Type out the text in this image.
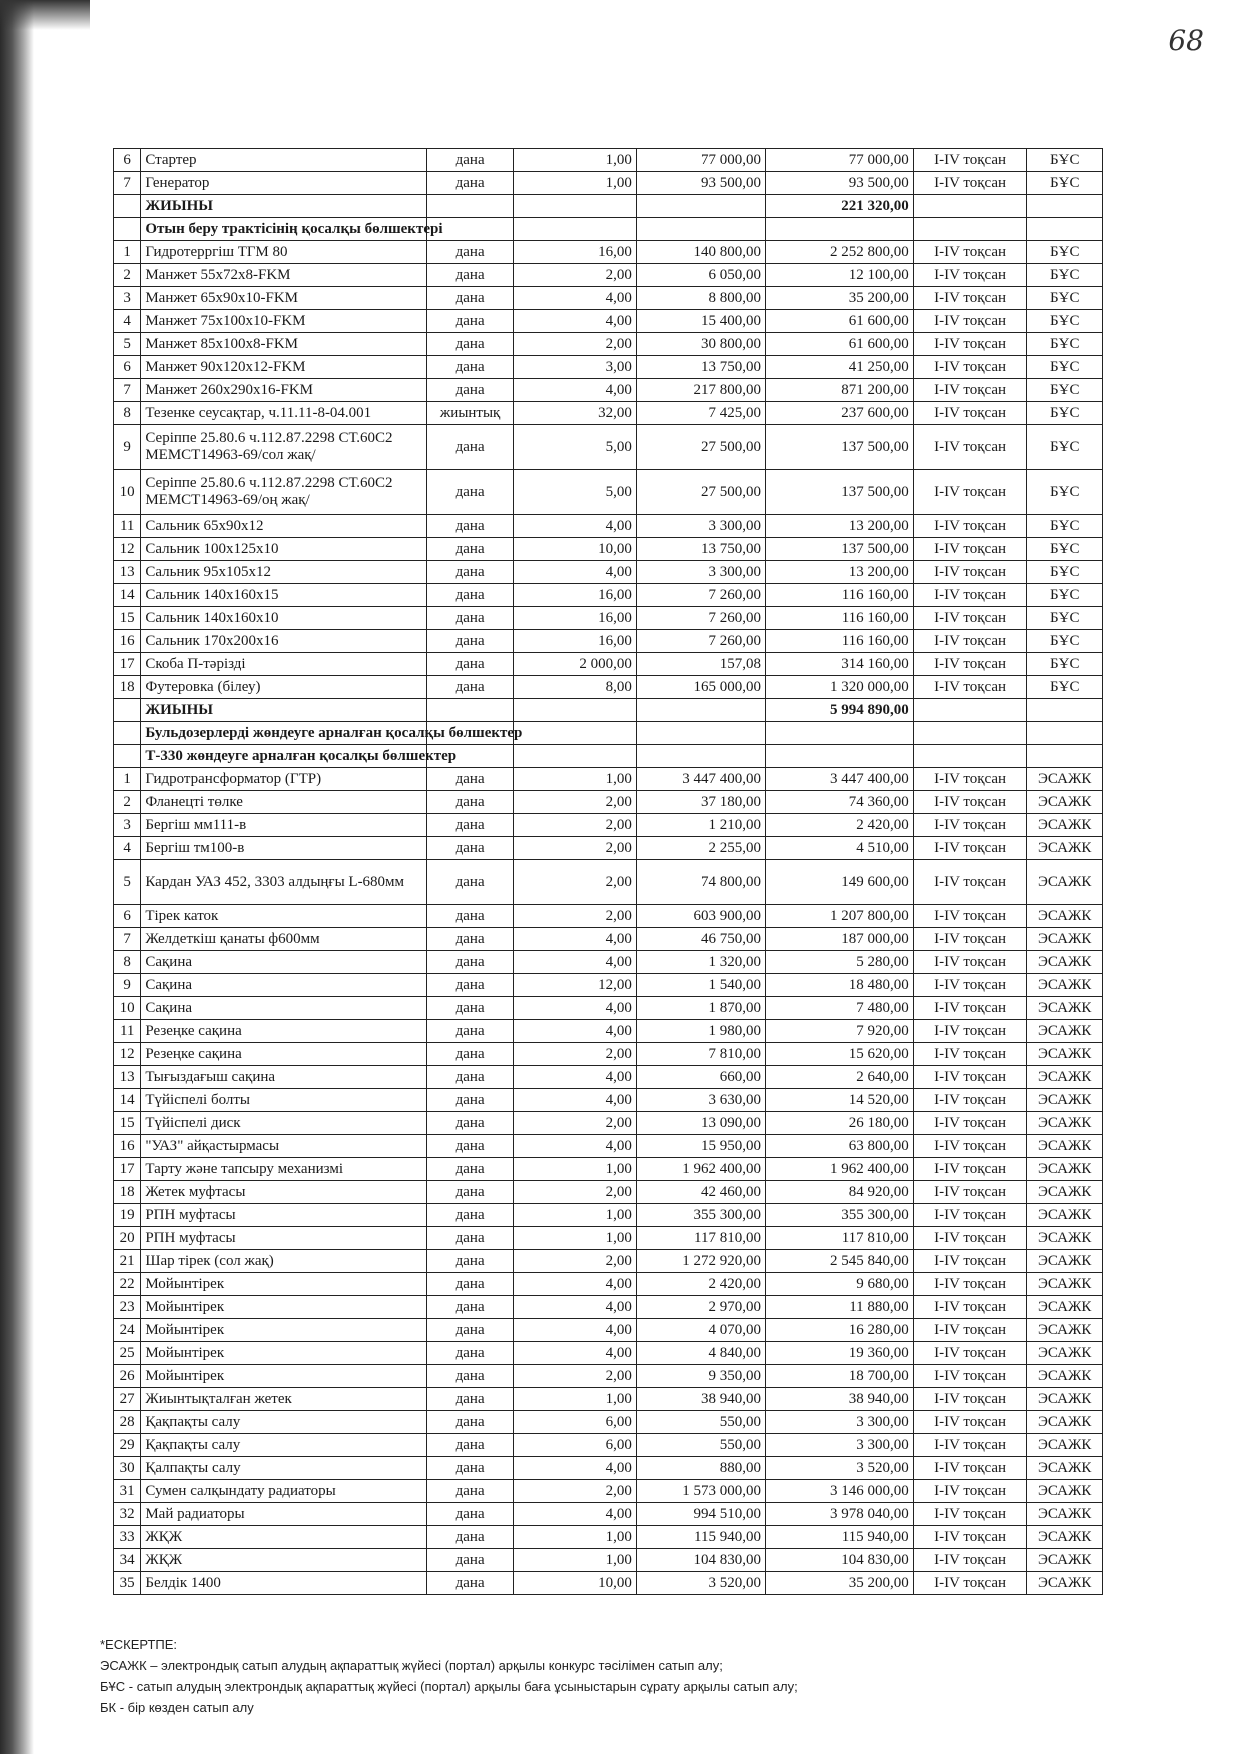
68
6	Стартер	дана	1,00	77 000,00	77 000,00	I-IV тоқсан	БҰС
7	Генератор	дана	1,00	93 500,00	93 500,00	I-IV тоқсан	БҰС
	ЖИЫНЫ				221 320,00		
	Отын беру трактісінің қосалқы бөлшектері						
1	Гидротерргіш ТГМ 80	дана	16,00	140 800,00	2 252 800,00	I-IV тоқсан	БҰС
2	Манжет 55х72х8-FKM	дана	2,00	6 050,00	12 100,00	I-IV тоқсан	БҰС
3	Манжет 65х90х10-FKM	дана	4,00	8 800,00	35 200,00	I-IV тоқсан	БҰС
4	Манжет 75х100х10-FKM	дана	4,00	15 400,00	61 600,00	I-IV тоқсан	БҰС
5	Манжет 85х100х8-FKM	дана	2,00	30 800,00	61 600,00	I-IV тоқсан	БҰС
6	Манжет 90х120х12-FKM	дана	3,00	13 750,00	41 250,00	I-IV тоқсан	БҰС
7	Манжет 260х290х16-FKM	дана	4,00	217 800,00	871 200,00	I-IV тоқсан	БҰС
8	Тезенке сеусақтар, ч.11.11-8-04.001	жиынтық	32,00	7 425,00	237 600,00	I-IV тоқсан	БҰС
9	Серіппе 25.80.6 ч.112.87.2298 СТ.60С2 МЕМСТ14963-69/сол жақ/	дана	5,00	27 500,00	137 500,00	I-IV тоқсан	БҰС
10	Серіппе 25.80.6 ч.112.87.2298 СТ.60С2 МЕМСТ14963-69/оң жақ/	дана	5,00	27 500,00	137 500,00	I-IV тоқсан	БҰС
11	Сальник 65х90х12	дана	4,00	3 300,00	13 200,00	I-IV тоқсан	БҰС
12	Сальник 100х125х10	дана	10,00	13 750,00	137 500,00	I-IV тоқсан	БҰС
13	Сальник 95х105х12	дана	4,00	3 300,00	13 200,00	I-IV тоқсан	БҰС
14	Сальник 140х160х15	дана	16,00	7 260,00	116 160,00	I-IV тоқсан	БҰС
15	Сальник 140х160х10	дана	16,00	7 260,00	116 160,00	I-IV тоқсан	БҰС
16	Сальник 170х200х16	дана	16,00	7 260,00	116 160,00	I-IV тоқсан	БҰС
17	Скоба П-тәрізді	дана	2 000,00	157,08	314 160,00	I-IV тоқсан	БҰС
18	Футеровка (білеу)	дана	8,00	165 000,00	1 320 000,00	I-IV тоқсан	БҰС
	ЖИЫНЫ				5 994 890,00		
	Бульдозерлерді жөндеуге арналған қосалқы бөлшектер						
	Т-330 жөндеуге арналған қосалқы бөлшектер						
1	Гидротрансформатор (ГТР)	дана	1,00	3 447 400,00	3 447 400,00	I-IV тоқсан	ЭСАЖК
2	Фланецті төлке	дана	2,00	37 180,00	74 360,00	I-IV тоқсан	ЭСАЖК
3	Бергіш мм111-в	дана	2,00	1 210,00	2 420,00	I-IV тоқсан	ЭСАЖК
4	Бергіш тм100-в	дана	2,00	2 255,00	4 510,00	I-IV тоқсан	ЭСАЖК
5	Кардан УАЗ 452, 3303 алдыңғы L-680мм	дана	2,00	74 800,00	149 600,00	I-IV тоқсан	ЭСАЖК
6	Тірек каток	дана	2,00	603 900,00	1 207 800,00	I-IV тоқсан	ЭСАЖК
7	Желдеткіш қанаты ф600мм	дана	4,00	46 750,00	187 000,00	I-IV тоқсан	ЭСАЖК
8	Сақина	дана	4,00	1 320,00	5 280,00	I-IV тоқсан	ЭСАЖК
9	Сақина	дана	12,00	1 540,00	18 480,00	I-IV тоқсан	ЭСАЖК
10	Сақина	дана	4,00	1 870,00	7 480,00	I-IV тоқсан	ЭСАЖК
11	Резеңке сақина	дана	4,00	1 980,00	7 920,00	I-IV тоқсан	ЭСАЖК
12	Резеңке сақина	дана	2,00	7 810,00	15 620,00	I-IV тоқсан	ЭСАЖК
13	Тығыздағыш сақина	дана	4,00	660,00	2 640,00	I-IV тоқсан	ЭСАЖК
14	Түйіспелі болты	дана	4,00	3 630,00	14 520,00	I-IV тоқсан	ЭСАЖК
15	Түйіспелі диск	дана	2,00	13 090,00	26 180,00	I-IV тоқсан	ЭСАЖК
16	"УАЗ" айқастырмасы	дана	4,00	15 950,00	63 800,00	I-IV тоқсан	ЭСАЖК
17	Тарту және тапсыру механизмі	дана	1,00	1 962 400,00	1 962 400,00	I-IV тоқсан	ЭСАЖК
18	Жетек муфтасы	дана	2,00	42 460,00	84 920,00	I-IV тоқсан	ЭСАЖК
19	РПН муфтасы	дана	1,00	355 300,00	355 300,00	I-IV тоқсан	ЭСАЖК
20	РПН муфтасы	дана	1,00	117 810,00	117 810,00	I-IV тоқсан	ЭСАЖК
21	Шар тірек (сол жақ)	дана	2,00	1 272 920,00	2 545 840,00	I-IV тоқсан	ЭСАЖК
22	Мойынтірек	дана	4,00	2 420,00	9 680,00	I-IV тоқсан	ЭСАЖК
23	Мойынтірек	дана	4,00	2 970,00	11 880,00	I-IV тоқсан	ЭСАЖК
24	Мойынтірек	дана	4,00	4 070,00	16 280,00	I-IV тоқсан	ЭСАЖК
25	Мойынтірек	дана	4,00	4 840,00	19 360,00	I-IV тоқсан	ЭСАЖК
26	Мойынтірек	дана	2,00	9 350,00	18 700,00	I-IV тоқсан	ЭСАЖК
27	Жиынтықталған жетек	дана	1,00	38 940,00	38 940,00	I-IV тоқсан	ЭСАЖК
28	Қақпақты салу	дана	6,00	550,00	3 300,00	I-IV тоқсан	ЭСАЖК
29	Қақпақты салу	дана	6,00	550,00	3 300,00	I-IV тоқсан	ЭСАЖК
30	Қалпақты салу	дана	4,00	880,00	3 520,00	I-IV тоқсан	ЭСАЖК
31	Сумен салқындату радиаторы	дана	2,00	1 573 000,00	3 146 000,00	I-IV тоқсан	ЭСАЖК
32	Май радиаторы	дана	4,00	994 510,00	3 978 040,00	I-IV тоқсан	ЭСАЖК
33	ЖҚЖ	дана	1,00	115 940,00	115 940,00	I-IV тоқсан	ЭСАЖК
34	ЖҚЖ	дана	1,00	104 830,00	104 830,00	I-IV тоқсан	ЭСАЖК
35	Белдік 1400	дана	10,00	3 520,00	35 200,00	I-IV тоқсан	ЭСАЖК
*ЕСКЕРТПЕ:
ЭСАЖК – электрондық сатып алудың ақпараттық жүйесі (портал) арқылы конкурс тәсілімен сатып алу;
БҰС - сатып алудың электрондық ақпараттық жүйесі (портал) арқылы баға ұсыныстарын сұрату арқылы сатып алу;
БК - бір көзден сатып алу
